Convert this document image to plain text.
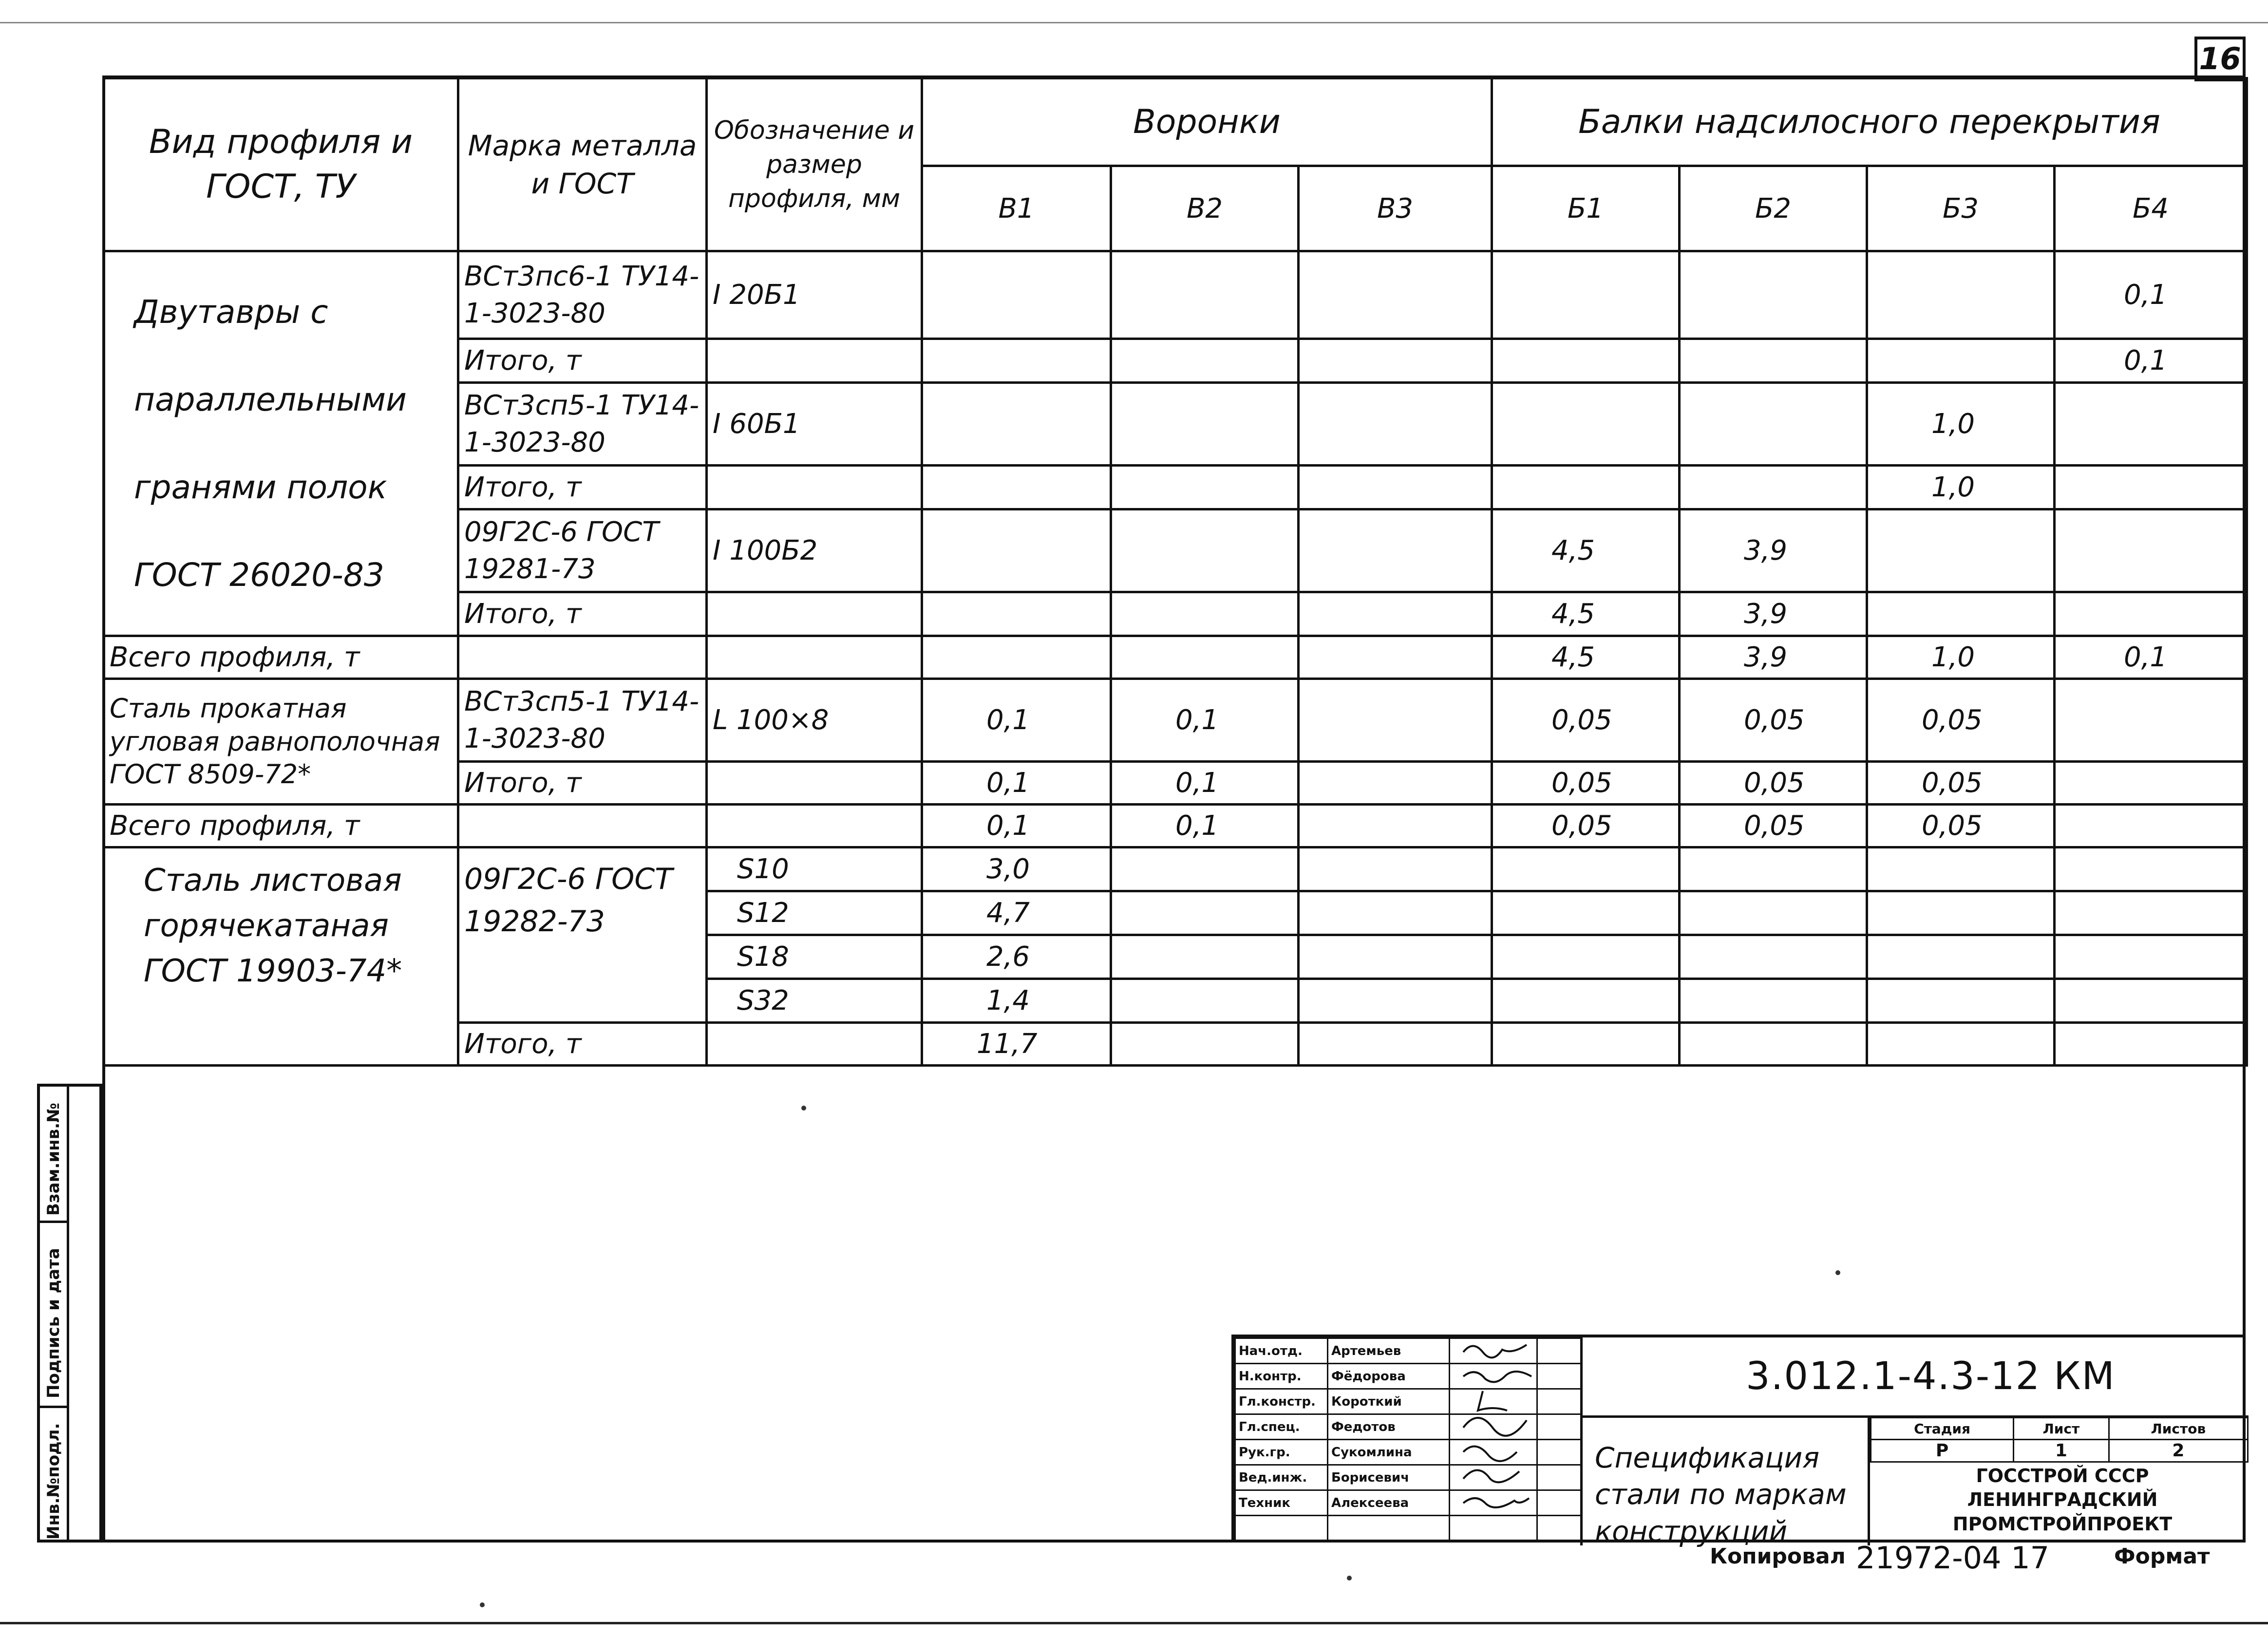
16
Вид профиля и ГОСТ, ТУ	Марка металла и ГОСТ	Обозначение и размер профиля, мм	Воронки			Балки надсилосного перекрытия			
			В1	В2	В3	Б1	Б2	Б3	Б4
Двутавры с параллельными гранями полок ГОСТ 26020-83	ВСт3пс6-1 ТУ14-1-3023-80	I 20Б1							0,1
	Итого, т								0,1
	ВСт3сп5-1 ТУ14-1-3023-80	I 60Б1						1,0	
	Итого, т							1,0	
	09Г2С-6 ГОСТ 19281-73	I 100Б2				4,5	3,9		
	Итого, т					4,5	3,9		
Всего профиля, т						4,5	3,9	1,0	0,1
Сталь прокатная угловая равнополочная ГОСТ 8509-72*	ВСт3сп5-1 ТУ14-1-3023-80	L 100×8	0,1	0,1		0,05	0,05	0,05	
	Итого, т		0,1	0,1		0,05	0,05	0,05	
Всего профиля, т			0,1	0,1		0,05	0,05	0,05	
Сталь листовая горячекатаная ГОСТ 19903-74*	09Г2С-6 ГОСТ 19282-73	S10	3,0						
		S12	4,7						
		S18	2,6						
		S32	1,4						
	Итого, т		11,7						
Инв.№подл.
Подпись и дата
Взам.инв.№
Нач.отд.	Артемьев		
Н.контр.	Фёдорова		
Гл.констр.	Короткий		
Гл.спец.	Федотов		
Рук.гр.	Сукомлина		
Вед.инж.	Борисевич		
Техник	Алексеева		

3.012.1-4.3-12 КМ
Спецификация стали по маркам конструкций
Стадия	Лист	Листов
Р	1	2
ГОССТРОЙ СССР ЛЕНИНГРАДСКИЙ ПРОМСТРОЙПРОЕКТ
Копировал 21972-04 17	Формат
